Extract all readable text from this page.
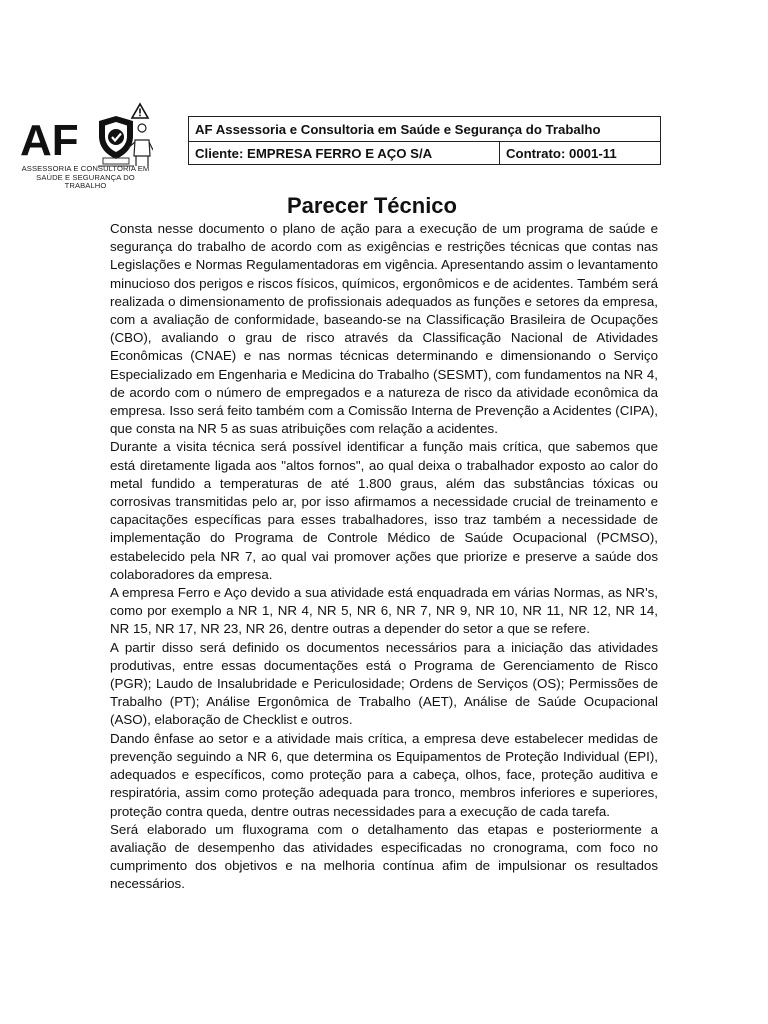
AF
ASSESSORIA E CONSULTORIA EM SAÚDE E SEGURANÇA DO TRABALHO
AF Assessoria e Consultoria em Saúde e Segurança do Trabalho
Cliente: EMPRESA FERRO E AÇO S/A	Contrato: 0001-11
Parecer Técnico

Consta nesse documento o plano de ação para a execução de um programa de saúde e segurança do trabalho de acordo com as exigências e restrições técnicas que contas nas Legislações e Normas Regulamentadoras em vigência. Apresentando assim o levantamento minucioso dos perigos e riscos físicos, químicos, ergonômicos e de acidentes. Também será realizada o dimensionamento de profissionais adequados as funções e setores da empresa, com a avaliação de conformidade, baseando-se na Classificação Brasileira de Ocupações (CBO), avaliando o grau de risco através da Classificação Nacional de Atividades Econômicas (CNAE) e nas normas técnicas determinando e dimensionando o Serviço Especializado em Engenharia e Medicina do Trabalho (SESMT), com fundamentos na NR 4, de acordo com o número de empregados e a natureza de risco da atividade econômica da empresa. Isso será feito também com a Comissão Interna de Prevenção a Acidentes (CIPA), que consta na NR 5 as suas atribuições com relação a acidentes.

Durante a visita técnica será possível identificar a função mais crítica, que sabemos que está diretamente ligada aos "altos fornos", ao qual deixa o trabalhador exposto ao calor do metal fundido a temperaturas de até 1.800 graus, além das substâncias tóxicas ou corrosivas transmitidas pelo ar, por isso afirmamos a necessidade crucial de treinamento e capacitações específicas para esses trabalhadores, isso traz também a necessidade de implementação do Programa de Controle Médico de Saúde Ocupacional (PCMSO), estabelecido pela NR 7, ao qual vai promover ações que priorize e preserve a saúde dos colaboradores da empresa.

A empresa Ferro e Aço devido a sua atividade está enquadrada em várias Normas, as NR's, como por exemplo a NR 1, NR 4, NR 5, NR 6, NR 7, NR 9, NR 10, NR 11, NR 12, NR 14, NR 15, NR 17, NR 23, NR 26, dentre outras a depender do setor a que se refere.

A partir disso será definido os documentos necessários para a iniciação das atividades produtivas, entre essas documentações está o Programa de Gerenciamento de Risco (PGR); Laudo de Insalubridade e Periculosidade; Ordens de Serviços (OS); Permissões de Trabalho (PT); Análise Ergonômica de Trabalho (AET), Análise de Saúde Ocupacional (ASO), elaboração de Checklist e outros.

Dando ênfase ao setor e a atividade mais crítica, a empresa deve estabelecer medidas de prevenção seguindo a NR 6, que determina os Equipamentos de Proteção Individual (EPI), adequados e específicos, como proteção para a cabeça, olhos, face, proteção auditiva e respiratória, assim como proteção adequada para tronco, membros inferiores e superiores, proteção contra queda, dentre outras necessidades para a execução de cada tarefa.

Será elaborado um fluxograma com o detalhamento das etapas e posteriormente a avaliação de desempenho das atividades especificadas no cronograma, com foco no cumprimento dos objetivos e na melhoria contínua afim de impulsionar os resultados necessários.
